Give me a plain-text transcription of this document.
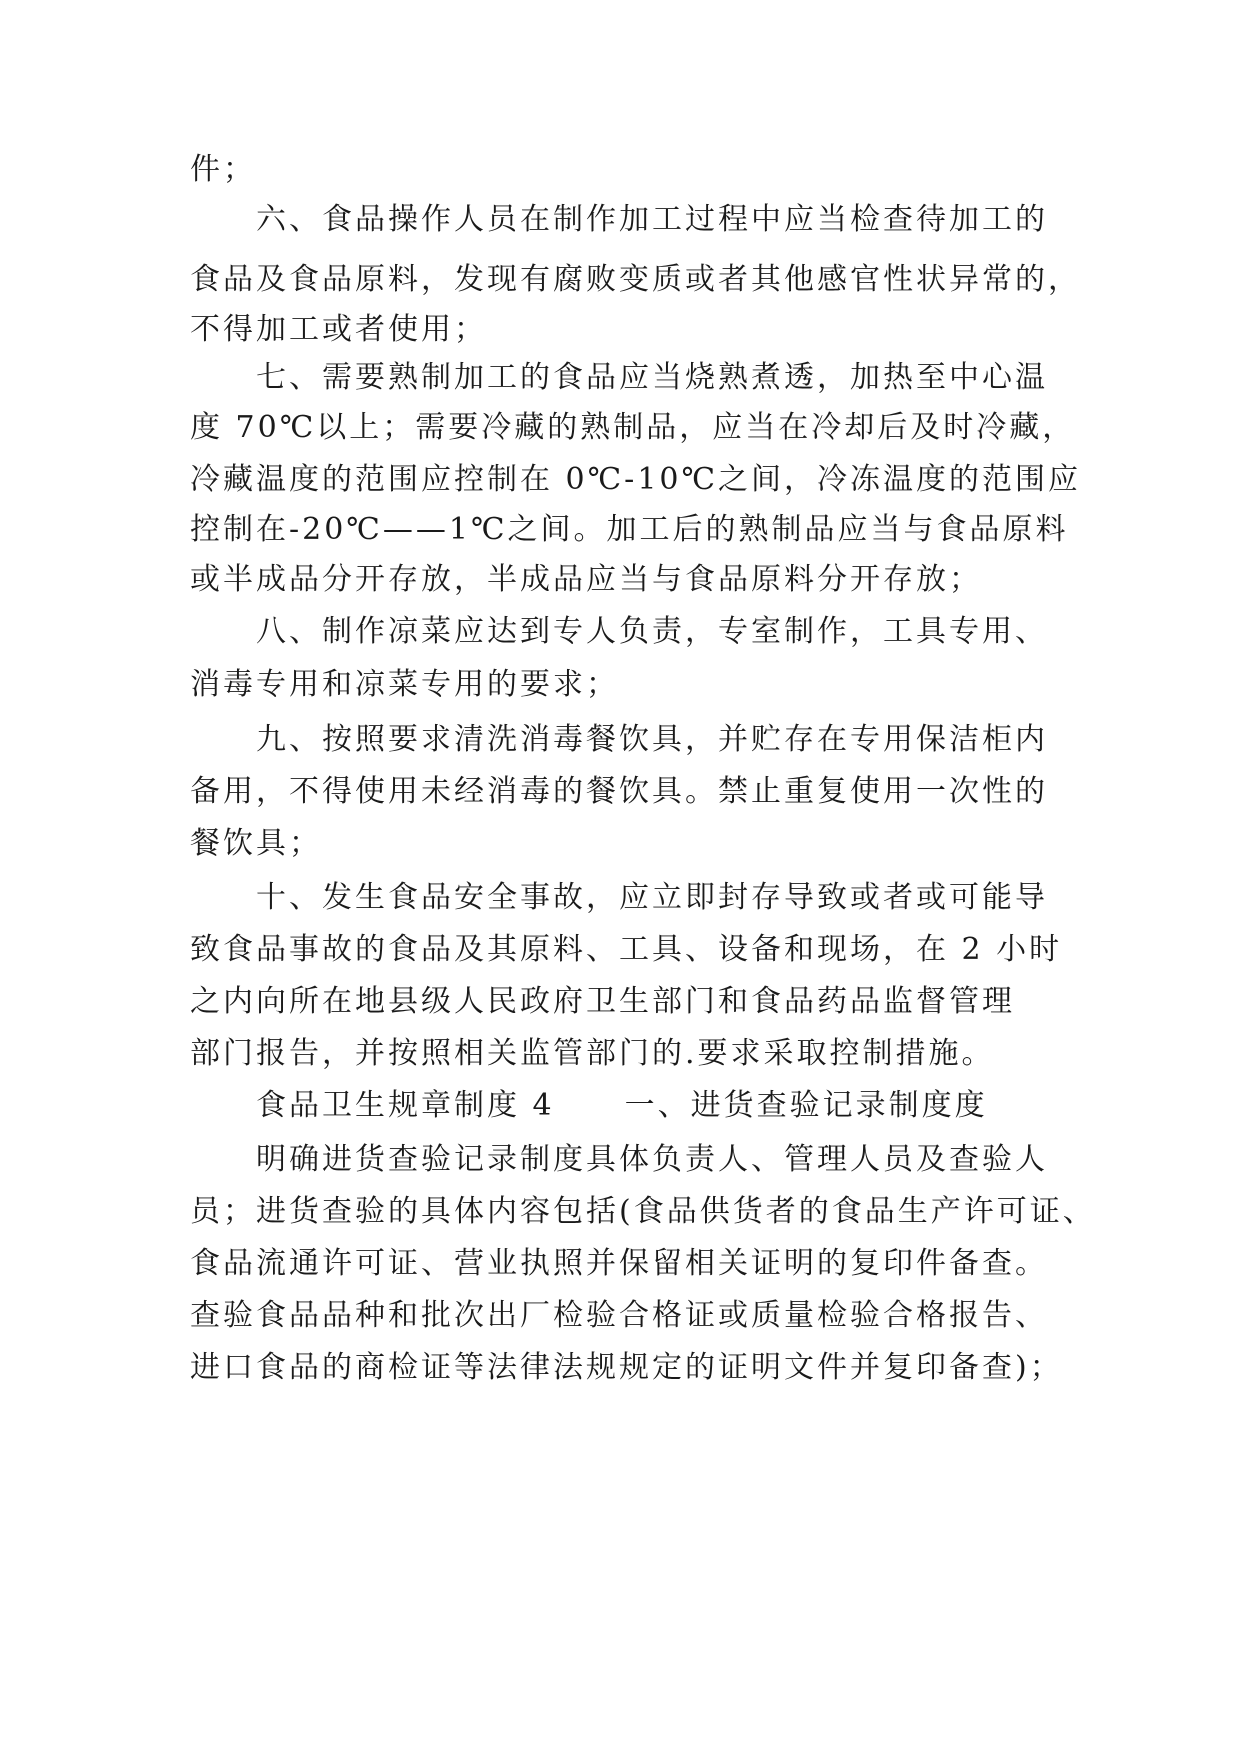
件；
六、食品操作人员在制作加工过程中应当检查待加工的
食品及食品原料，发现有腐败变质或者其他感官性状异常的，
不得加工或者使用；
七、需要熟制加工的食品应当烧熟煮透，加热至中心温
度 70℃以上；需要冷藏的熟制品，应当在冷却后及时冷藏，
冷藏温度的范围应控制在 0℃-10℃之间，冷冻温度的范围应
控制在-20℃——1℃之间。加工后的熟制品应当与食品原料
或半成品分开存放，半成品应当与食品原料分开存放；
八、制作凉菜应达到专人负责，专室制作，工具专用、
消毒专用和凉菜专用的要求；
九、按照要求清洗消毒餐饮具，并贮存在专用保洁柜内
备用，不得使用未经消毒的餐饮具。禁止重复使用一次性的
餐饮具；
十、发生食品安全事故，应立即封存导致或者或可能导
致食品事故的食品及其原料、工具、设备和现场，在 2 小时
之内向所在地县级人民政府卫生部门和食品药品监督管理
部门报告，并按照相关监管部门的.要求采取控制措施。
食品卫生规章制度 4 一、进货查验记录制度度
明确进货查验记录制度具体负责人、管理人员及查验人
员；进货查验的具体内容包括(食品供货者的食品生产许可证、
食品流通许可证、营业执照并保留相关证明的复印件备查。
查验食品品种和批次出厂检验合格证或质量检验合格报告、
进口食品的商检证等法律法规规定的证明文件并复印备查)；
